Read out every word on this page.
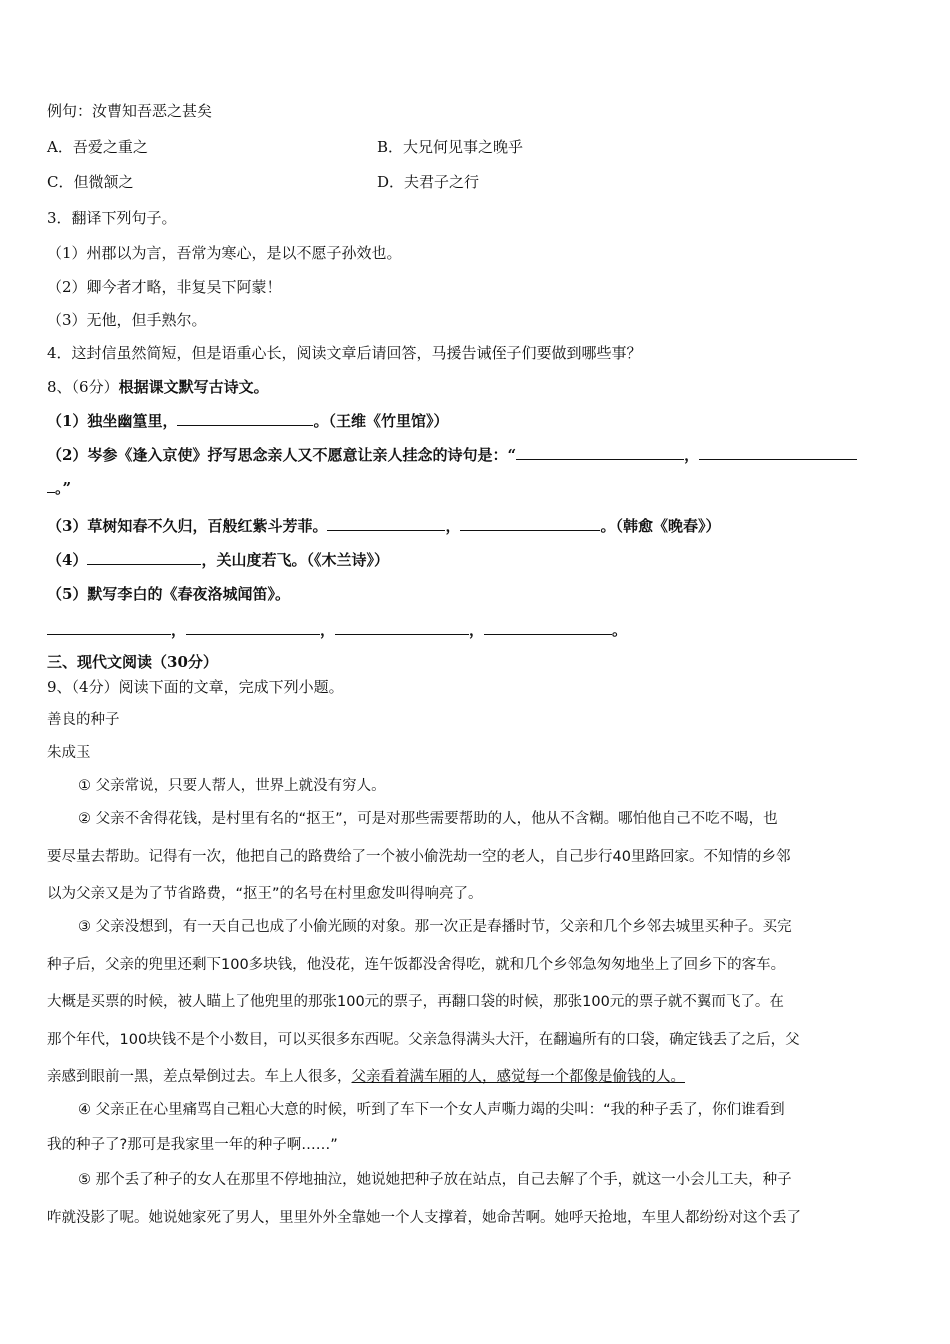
例句：汝曹知吾恶之甚矣
A．吾爱之重之	B．大兄何见事之晚乎
C．但微颔之	D．夫君子之行
3．翻译下列句子。
（1）州郡以为言，吾常为寒心，是以不愿子孙效也。
（2）卿今者才略，非复吴下阿蒙！
（3）无他，但手熟尔。
4．这封信虽然简短，但是语重心长，阅读文章后请回答，马援告诫侄子们要做到哪些事？
8、（6分）根据课文默写古诗文。
（1）独坐幽篁里，	。（王维《竹里馆》）
（2）岑参《逢入京使》抒写思念亲人又不愿意让亲人挂念的诗句是：“	，
。”
（3）草树知春不久归，百般红紫斗芳菲。	，	。（韩愈《晚春》）
（4）	，关山度若飞。（《木兰诗》）
（5）默写李白的《春夜洛城闻笛》。
，	，	，	。
三、现代文阅读（30分）
9、（4分）阅读下面的文章，完成下列小题。
善良的种子
朱成玉
① 父亲常说，只要人帮人，世界上就没有穷人。
② 父亲不舍得花钱，是村里有名的“抠王”，可是对那些需要帮助的人，他从不含糊。哪怕他自己不吃不喝，也
要尽量去帮助。记得有一次，他把自己的路费给了一个被小偷洗劫一空的老人，自己步行40里路回家。不知情的乡邻
以为父亲又是为了节省路费，“抠王”的名号在村里愈发叫得响亮了。
③ 父亲没想到，有一天自己也成了小偷光顾的对象。那一次正是春播时节，父亲和几个乡邻去城里买种子。买完
种子后，父亲的兜里还剩下100多块钱，他没花，连午饭都没舍得吃，就和几个乡邻急匆匆地坐上了回乡下的客车。
大概是买票的时候，被人瞄上了他兜里的那张100元的票子，再翻口袋的时候，那张100元的票子就不翼而飞了。在
那个年代，100块钱不是个小数目，可以买很多东西呢。父亲急得满头大汗，在翻遍所有的口袋，确定钱丢了之后，父
亲感到眼前一黑，差点晕倒过去。车上人很多，父亲看着满车厢的人，感觉每一个都像是偷钱的人。
④ 父亲正在心里痛骂自己粗心大意的时候，听到了车下一个女人声嘶力竭的尖叫：“我的种子丢了，你们谁看到
我的种子了?那可是我家里一年的种子啊……”
⑤ 那个丢了种子的女人在那里不停地抽泣，她说她把种子放在站点，自己去解了个手，就这一小会儿工夫，种子
咋就没影了呢。她说她家死了男人，里里外外全靠她一个人支撑着，她命苦啊。她呼天抢地，车里人都纷纷对这个丢了
